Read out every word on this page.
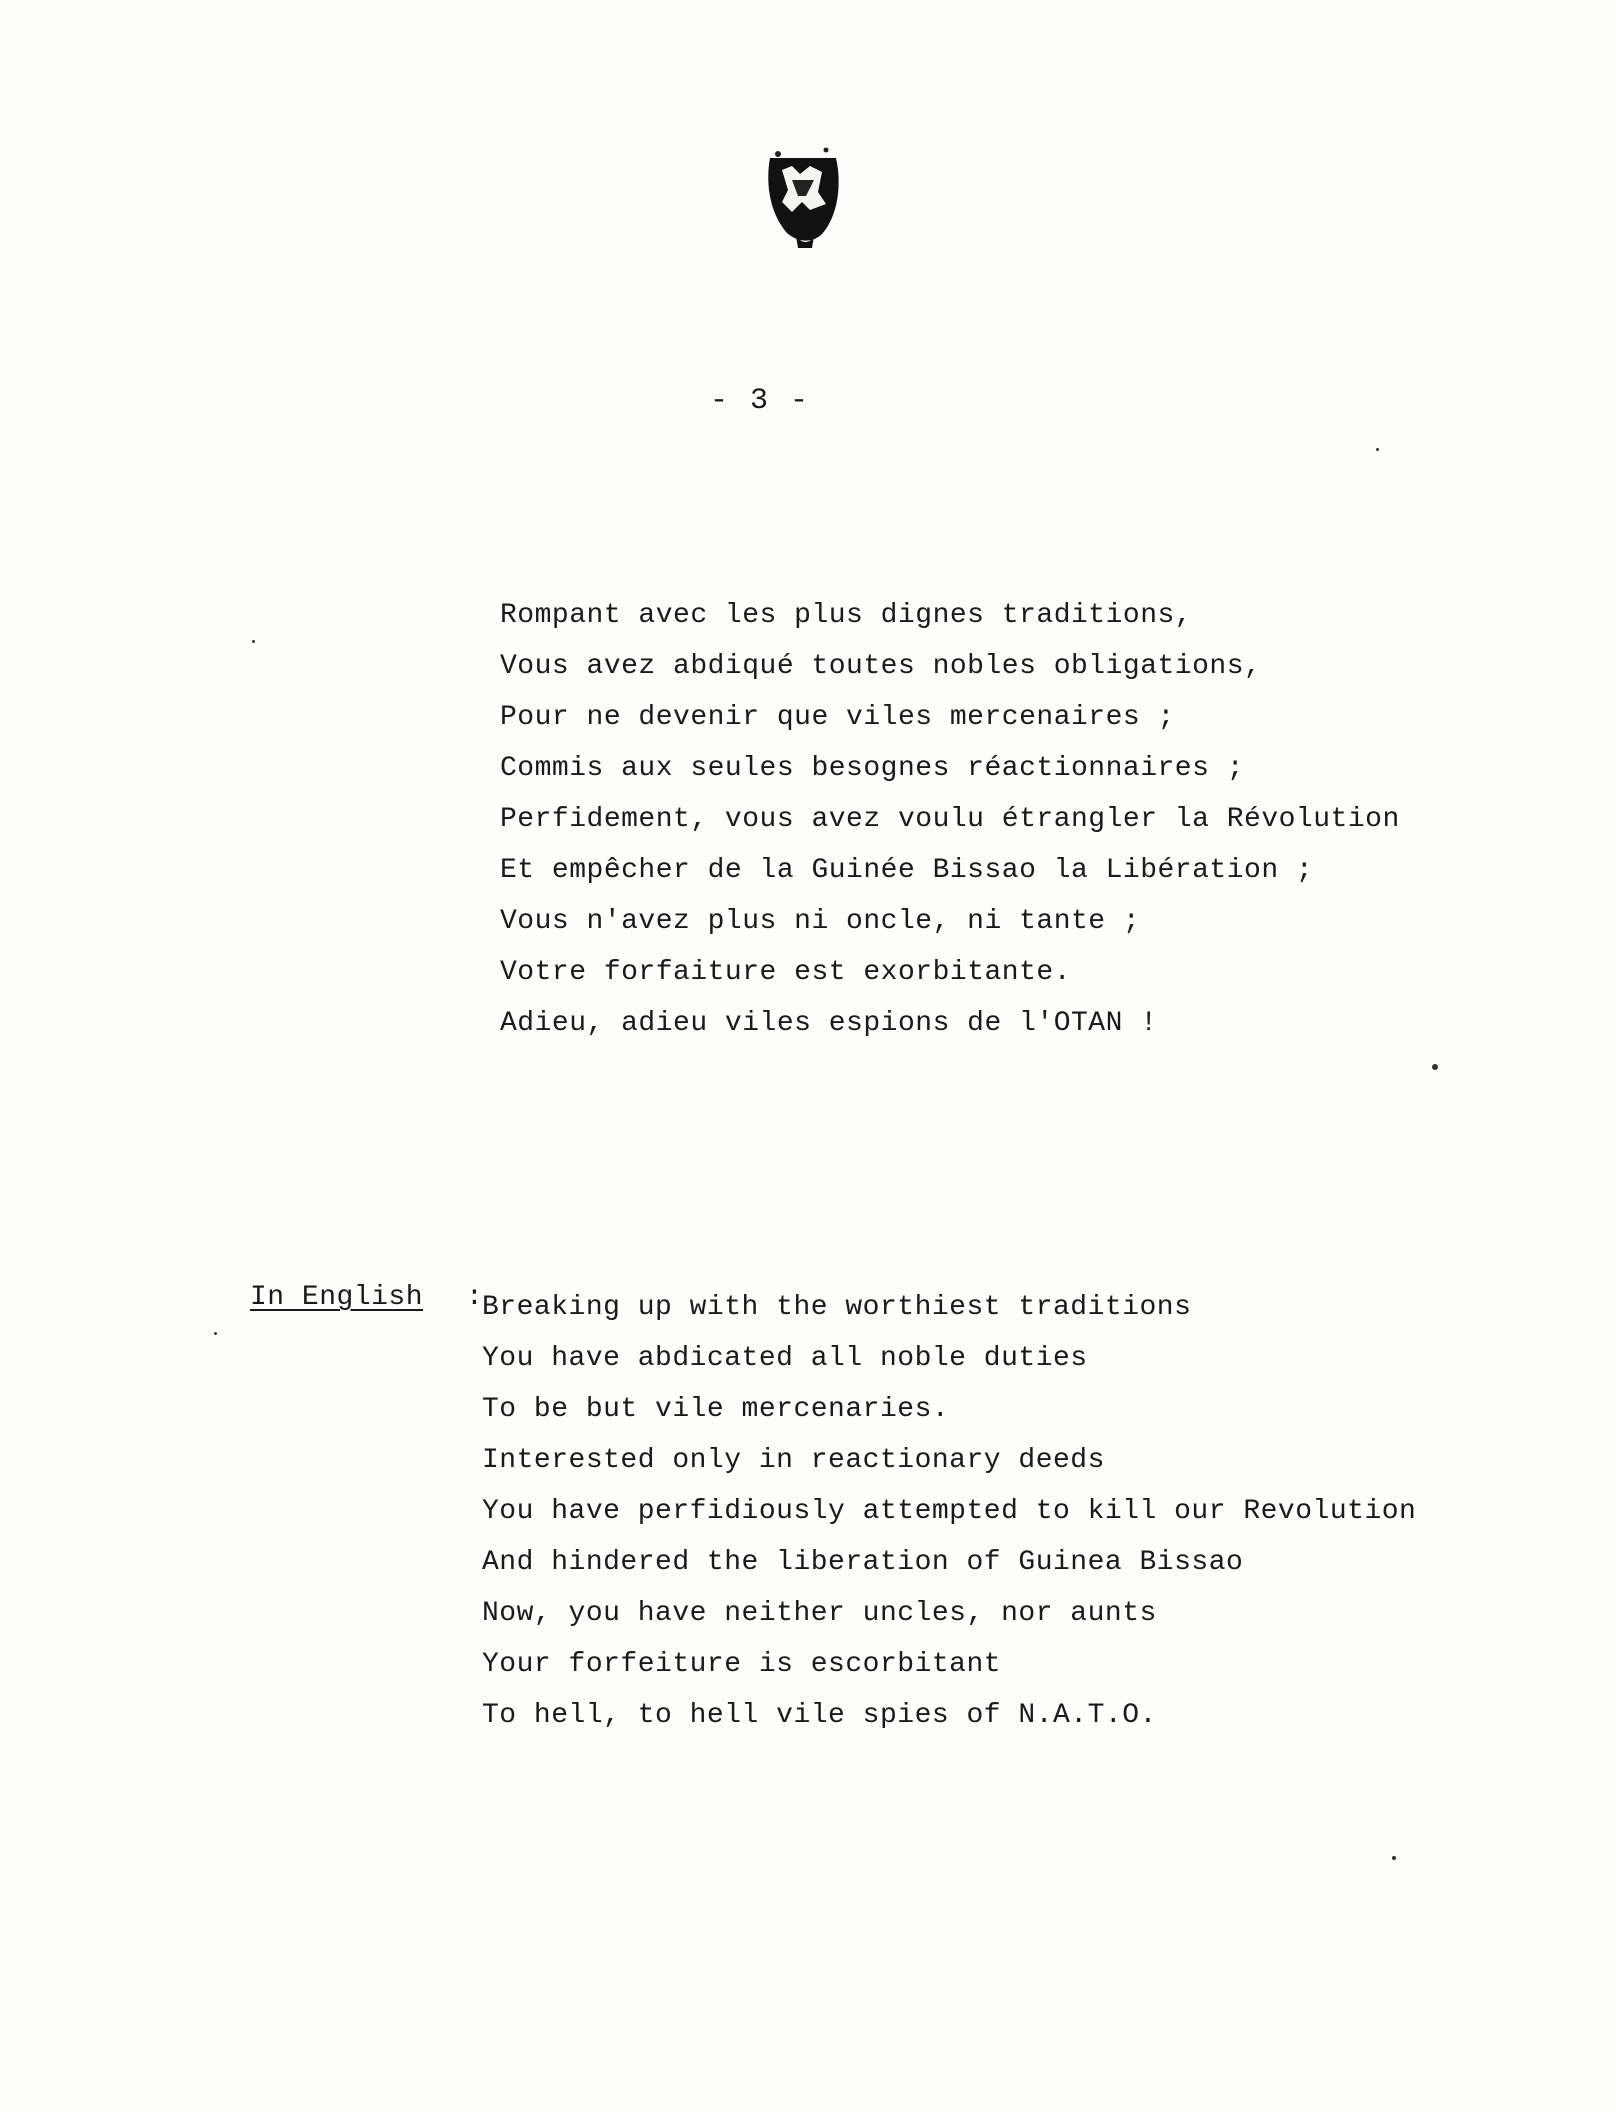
- 3 -
Rompant avec les plus dignes traditions,
Vous avez abdiqué toutes nobles obligations,
Pour ne devenir que viles mercenaires ;
Commis aux seules besognes réactionnaires ;
Perfidement, vous avez voulu étrangler la Révolution
Et empêcher de la Guinée Bissao la Libération ;
Vous n'avez plus ni oncle, ni tante ;
Votre forfaiture est exorbitante.
Adieu, adieu viles espions de l'OTAN !
In English : Breaking up with the worthiest traditions
You have abdicated all noble duties
To be but vile mercenaries.
Interested only in reactionary deeds
You have perfidiously attempted to kill our Revolution
And hindered the liberation of Guinea Bissao
Now, you have neither uncles, nor aunts
Your forfeiture is escorbitant
To hell, to hell vile spies of N.A.T.O.
